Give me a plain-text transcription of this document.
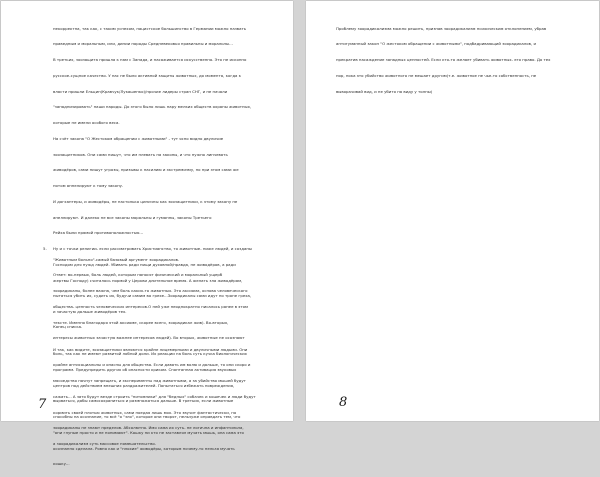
некорректна, так как, с таким успехом, нацистское большинство в Германии можно назвать

праведным и моральным, или, динии породы Средневековья правильны и моральны...

В третьих, зоозащита пришла к нам с Запада, и насаживается искусственно. Это не исконно

русское-сущное качество. У нас не было активной защиты животных, до момента, когда к

власти пришли Ельцин(Кравчук/Лукашенко)/прочие лидеры стран СНГ, и не начали

"западнизировать" наши народы. До этого было лишь пару мелких обществ охраны животных,

которые не имели особого веса.

На счёт закона "О Жестоком обращении с животными" - тут ясно видно двуличие

зоозащитников. Они сами пишут, что им плевать на законы, и что нужно линчевать

живодёров, сами пишут угрозы, призывы к насилию и экстремизму, но при этом сами же

потом аппелируют к тому закону.

И догхантеры, и живодёры, не настолько циничны как зоозащитники, к этому закону не

апеллируют. И далеко не все законы моральны и гуманны, законы Третьего

Рейха были прямой противоположностью...

Ну и с точки религии- если рассматривать Христианство, то животные- ниже людей, и созданы

Господом для нужд людей. Убивать ради пищи духовной/правда, не живодёров, а ради

жертвы Господу) считалось нормой у Церкви длительное время. А желать зла живодёрам,

пытаться убить их, судить их, будучи самим во грехе...Зоорадикалы сами идут по тропе греха,

и зачастую дальше живодёров тех.

5.

"Животным больно"-самый базовый аргумент зоорадикалов.

Ответ: во-первых, боль людей, которым наносят физический и моральный ущерб

зоорадикалы, более важна, чем боль каких-то животных. Это аксиома, основа человеческого

общества- ценность человеческих интересов.О ней уже неоднократно писалось ранее в этом

тексте. Именно благодаря этой аксиоме, скорее всего, зоорадикал жив). Во-вторых,

интересы животных зачастую важнее интересов людей). Во вторых, животные не осознают

боль, так как не имеют развитой лобной доли. Их реакции на боль суть кучка биологических

программ. Предупредить других об опасности криком. Спонтанная активация звуковых

центров под действием внешних раздражителей. Попытаться избежать повреждения,

вырваться, дабы самосохраниться и размножаться дальше. В третьих, если животные

способны на осознание, то всё "о "зло", которое они творят, нельзуже оправдать тем, что

"они глупые просто и не понимают". Кошку ни кто не заставлял мучать мышь, она сама это

осознанно сделала. Ровно как и "плохие" живодёры, которым почему-то нельзя мучать

кошку...

Конец списка.

И так, как видите, зоозащитники являются крайне лицемерными и двуличными людьми. Они

крайне антисоциальны и опасны для общества. Если давать им волю и дальше, то они скоро и

мясоедство начнут запрещать, и эксперименты над животными, а за убийство мышей будут

сажать... А зато будут везде строить "питомники" для "бедных" собачек и кошечек и люди будут

кормить своей плотью животных, сами поедая лишь мох. Это звучит фантастически, но

зоорадикалы не знают пределов. Абсолютно. Имо сама их суть- не логична и инфантильна,

а зоорадикализм суть массовое помешательство.

7

Проблему зоорадикализма можно решить, признав зоорадикализм психическим отклонением, убрав

антигуманный закон "О жестоком обращении с животными", подбадривающий зоорадикалов, и

прекратив насаждение западных ценностей. Если кто-то желает убивать животных- его право. До тех

пор, пока это убийство животного не мешает другим(т.е. животное не чье-то собственность, не

выворачивай вид, и не убито на виду у толпы)

8
